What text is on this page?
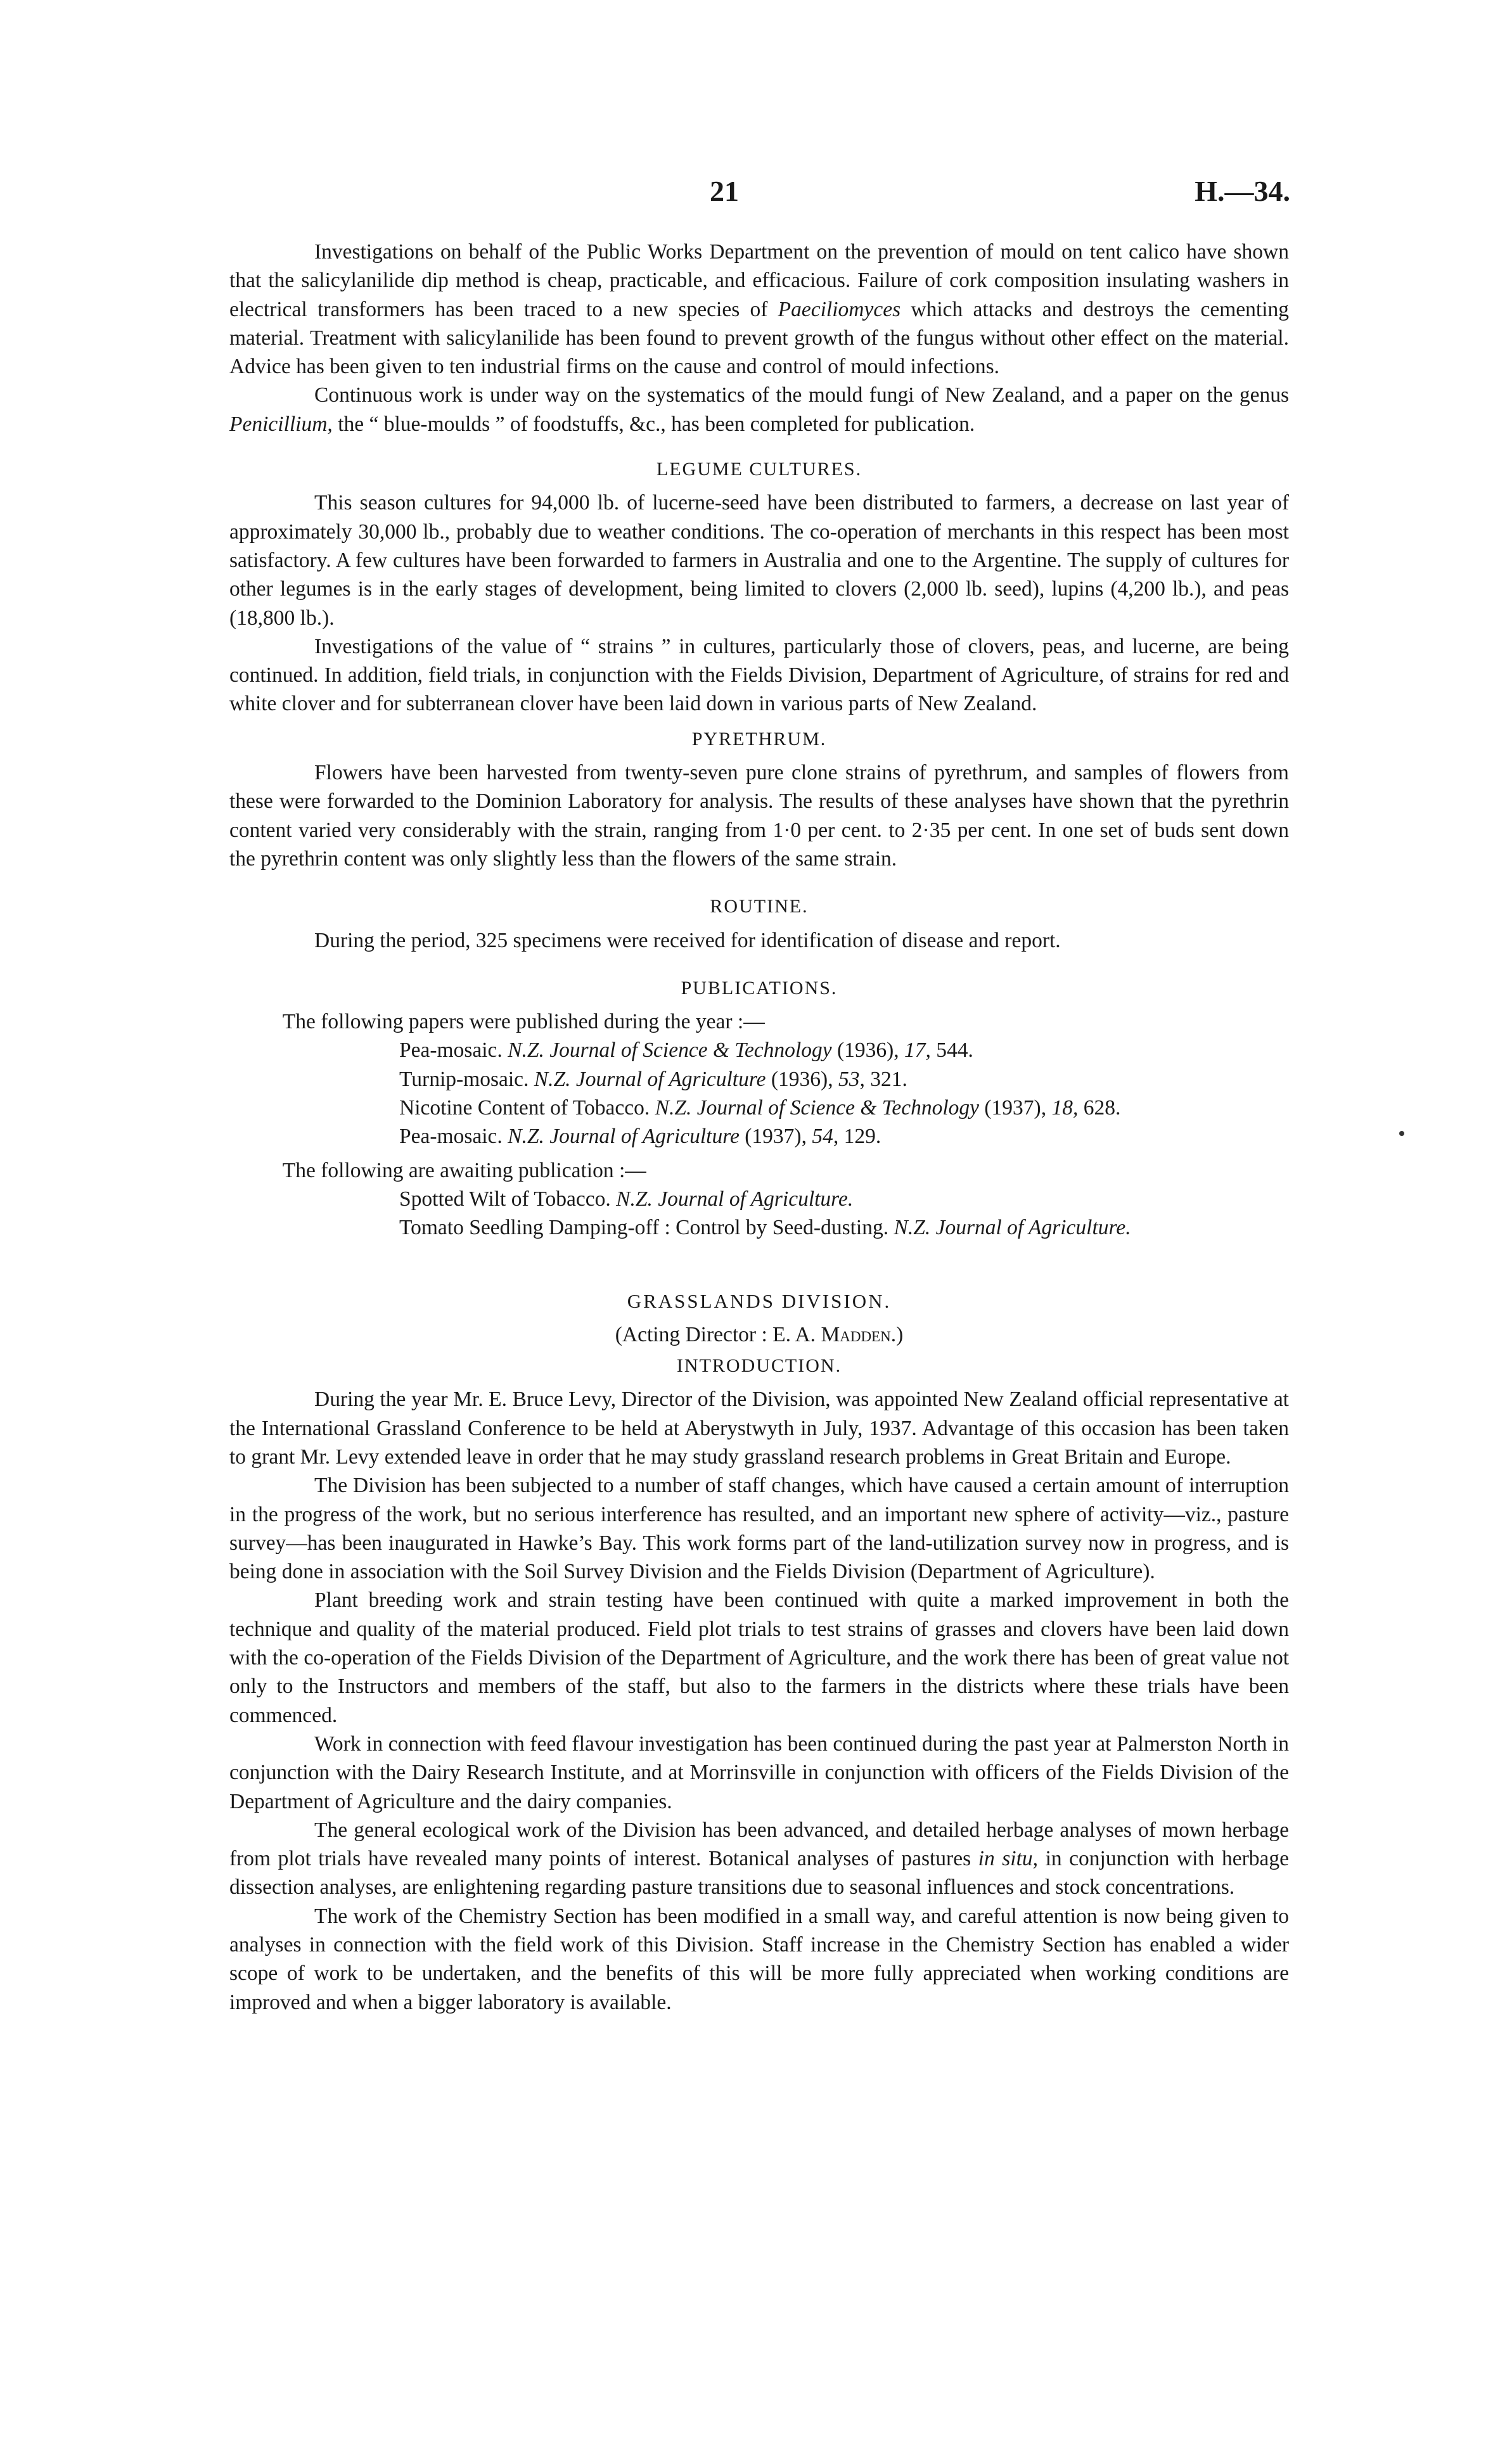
21	H.—34.

Investigations on behalf of the Public Works Department on the prevention of mould on tent calico have shown that the salicylanilide dip method is cheap, practicable, and efficacious. Failure of cork composition insulating washers in electrical transformers has been traced to a new species of Paeciliomyces which attacks and destroys the cementing material. Treatment with salicylanilide has been found to prevent growth of the fungus without other effect on the material. Advice has been given to ten industrial firms on the cause and control of mould infections.

Continuous work is under way on the systematics of the mould fungi of New Zealand, and a paper on the genus Penicillium, the “ blue-moulds ” of foodstuffs, &c., has been completed for publication.

LEGUME CULTURES.

This season cultures for 94,000 lb. of lucerne-seed have been distributed to farmers, a decrease on last year of approximately 30,000 lb., probably due to weather conditions. The co-operation of merchants in this respect has been most satisfactory. A few cultures have been forwarded to farmers in Australia and one to the Argentine. The supply of cultures for other legumes is in the early stages of development, being limited to clovers (2,000 lb. seed), lupins (4,200 lb.), and peas (18,800 lb.).

Investigations of the value of “ strains ” in cultures, particularly those of clovers, peas, and lucerne, are being continued. In addition, field trials, in conjunction with the Fields Division, Department of Agriculture, of strains for red and white clover and for subterranean clover have been laid down in various parts of New Zealand.

PYRETHRUM.

Flowers have been harvested from twenty-seven pure clone strains of pyrethrum, and samples of flowers from these were forwarded to the Dominion Laboratory for analysis. The results of these analyses have shown that the pyrethrin content varied very considerably with the strain, ranging from 1·0 per cent. to 2·35 per cent. In one set of buds sent down the pyrethrin content was only slightly less than the flowers of the same strain.

ROUTINE.

During the period, 325 specimens were received for identification of disease and report.

PUBLICATIONS.

The following papers were published during the year :—

Pea-mosaic. N.Z. Journal of Science & Technology (1936), 17, 544.

Turnip-mosaic. N.Z. Journal of Agriculture (1936), 53, 321.

Nicotine Content of Tobacco. N.Z. Journal of Science & Technology (1937), 18, 628.

Pea-mosaic. N.Z. Journal of Agriculture (1937), 54, 129.

The following are awaiting publication :—

Spotted Wilt of Tobacco. N.Z. Journal of Agriculture.

Tomato Seedling Damping-off : Control by Seed-dusting. N.Z. Journal of Agriculture.

GRASSLANDS DIVISION.

(Acting Director : E. A. Madden.)

INTRODUCTION.

During the year Mr. E. Bruce Levy, Director of the Division, was appointed New Zealand official representative at the International Grassland Conference to be held at Aberystwyth in July, 1937. Advantage of this occasion has been taken to grant Mr. Levy extended leave in order that he may study grassland research problems in Great Britain and Europe.

The Division has been subjected to a number of staff changes, which have caused a certain amount of interruption in the progress of the work, but no serious interference has resulted, and an important new sphere of activity—viz., pasture survey—has been inaugurated in Hawke’s Bay. This work forms part of the land-utilization survey now in progress, and is being done in association with the Soil Survey Division and the Fields Division (Department of Agriculture).

Plant breeding work and strain testing have been continued with quite a marked improvement in both the technique and quality of the material produced. Field plot trials to test strains of grasses and clovers have been laid down with the co-operation of the Fields Division of the Department of Agriculture, and the work there has been of great value not only to the Instructors and members of the staff, but also to the farmers in the districts where these trials have been commenced.

Work in connection with feed flavour investigation has been continued during the past year at Palmerston North in conjunction with the Dairy Research Institute, and at Morrinsville in conjunction with officers of the Fields Division of the Department of Agriculture and the dairy companies.

The general ecological work of the Division has been advanced, and detailed herbage analyses of mown herbage from plot trials have revealed many points of interest. Botanical analyses of pastures in situ, in conjunction with herbage dissection analyses, are enlightening regarding pasture transitions due to seasonal influences and stock concentrations.

The work of the Chemistry Section has been modified in a small way, and careful attention is now being given to analyses in connection with the field work of this Division. Staff increase in the Chemistry Section has enabled a wider scope of work to be undertaken, and the benefits of this will be more fully appreciated when working conditions are improved and when a bigger laboratory is available.
